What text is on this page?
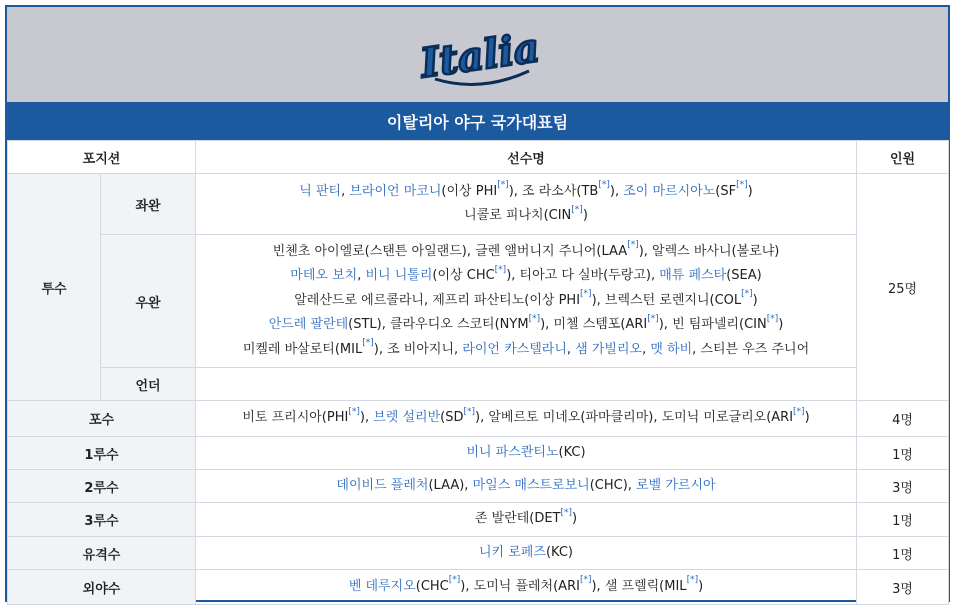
Italia
이탈리아 야구 국가대표팀
포지션		선수명	인원
투수	좌완	닉 판티, 브라이언 마코니(이상 PHI[*]), 조 라소사(TB[*]), 조이 마르시아노(SF[*])
니콜로 피나치(CIN[*])	25명
	우완	빈첸초 아이엘로(스탠튼 아일랜드), 글렌 앨버니지 주니어(LAA[*]), 알렉스 바사니(볼로냐)
마테오 보치, 비니 니톨리(이상 CHC[*]), 티아고 다 실바(두랑고), 매튜 페스타(SEA)
알레산드로 에르콜라니, 제프리 파산티노(이상 PHI[*]), 브렉스턴 로렌지니(COL[*])
안드레 팔란테(STL), 클라우디오 스코티(NYM[*]), 미첼 스템포(ARI[*]), 빈 팀파넬리(CIN[*])
미켈레 바살로티(MIL[*]), 조 비아지니, 라이언 카스텔라니, 샘 가빌리오, 맷 하비, 스티븐 우즈 주니어	
	언더		
포수		비토 프리시아(PHI[*]), 브렛 설리반(SD[*]), 알베르토 미네오(파마클리마), 도미닉 미로글리오(ARI[*])	4명
1루수		비니 파스콴티노(KC)	1명
2루수		데이비드 플레처(LAA), 마일스 매스트로보니(CHC), 로벨 가르시아	3명
3루수		존 발란테(DET[*])	1명
유격수		니키 로페즈(KC)	1명
외야수		벤 데루지오(CHC[*]), 도미닉 플레처(ARI[*]), 샐 프렐릭(MIL[*])	3명
